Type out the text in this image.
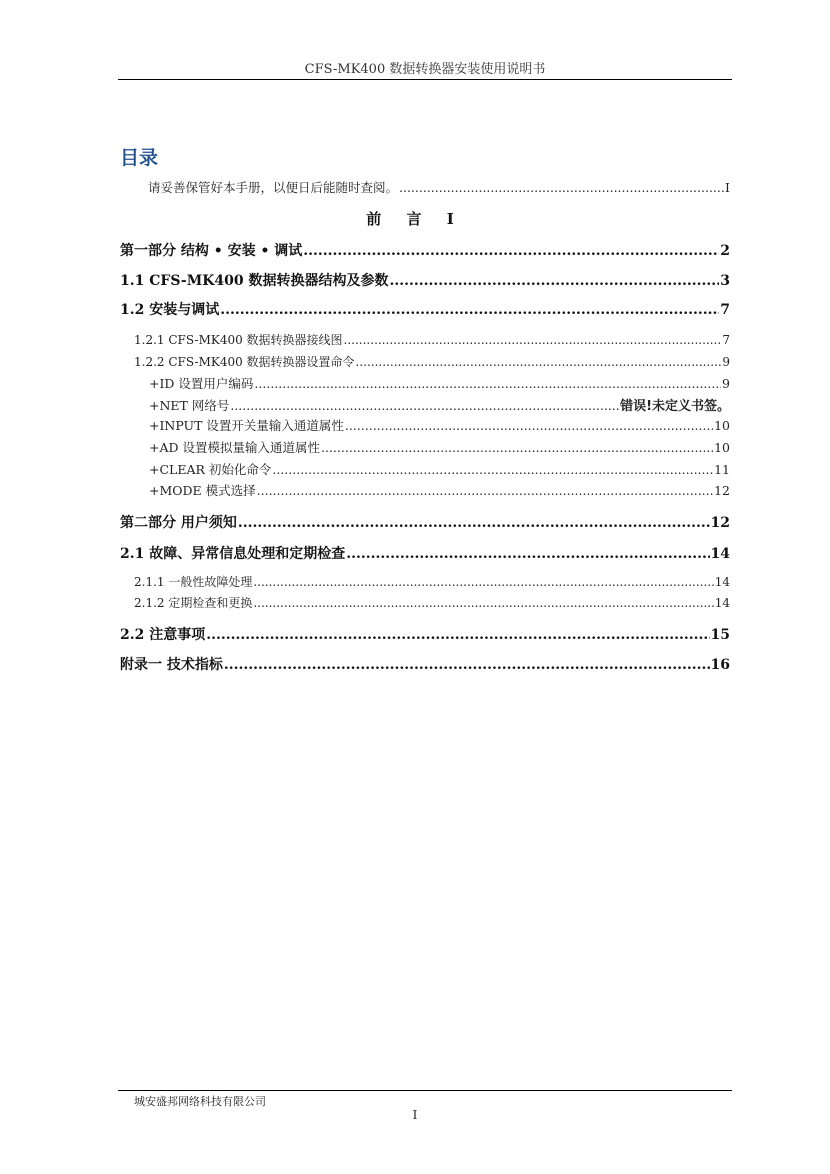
CFS-MK400 数据转换器安装使用说明书
目录
请妥善保管好本手册，以便日后能随时查阅。 .....	I
前 言 I
第一部分 结构 • 安装 • 调试 .....	2
1.1 CFS-MK400 数据转换器结构及参数 .....	3
1.2 安装与调试 .....	7
1.2.1 CFS-MK400 数据转换器接线图 .....	7
1.2.2 CFS-MK400 数据转换器设置命令 .....	9
+ID 设置用户编码 .....	9
+NET 网络号 .....	错误!未定义书签。
+INPUT 设置开关量输入通道属性 .....	10
+AD 设置模拟量输入通道属性 .....	10
+CLEAR 初始化命令 .....	11
+MODE 模式选择 .....	12
第二部分 用户须知 .....	12
2.1 故障、异常信息处理和定期检查 .....	14
2.1.1 一般性故障处理 .....	14
2.1.2 定期检查和更换 .....	14
2.2 注意事项 .....	15
附录一 技术指标 .....	16
城安盛邦网络科技有限公司
I
